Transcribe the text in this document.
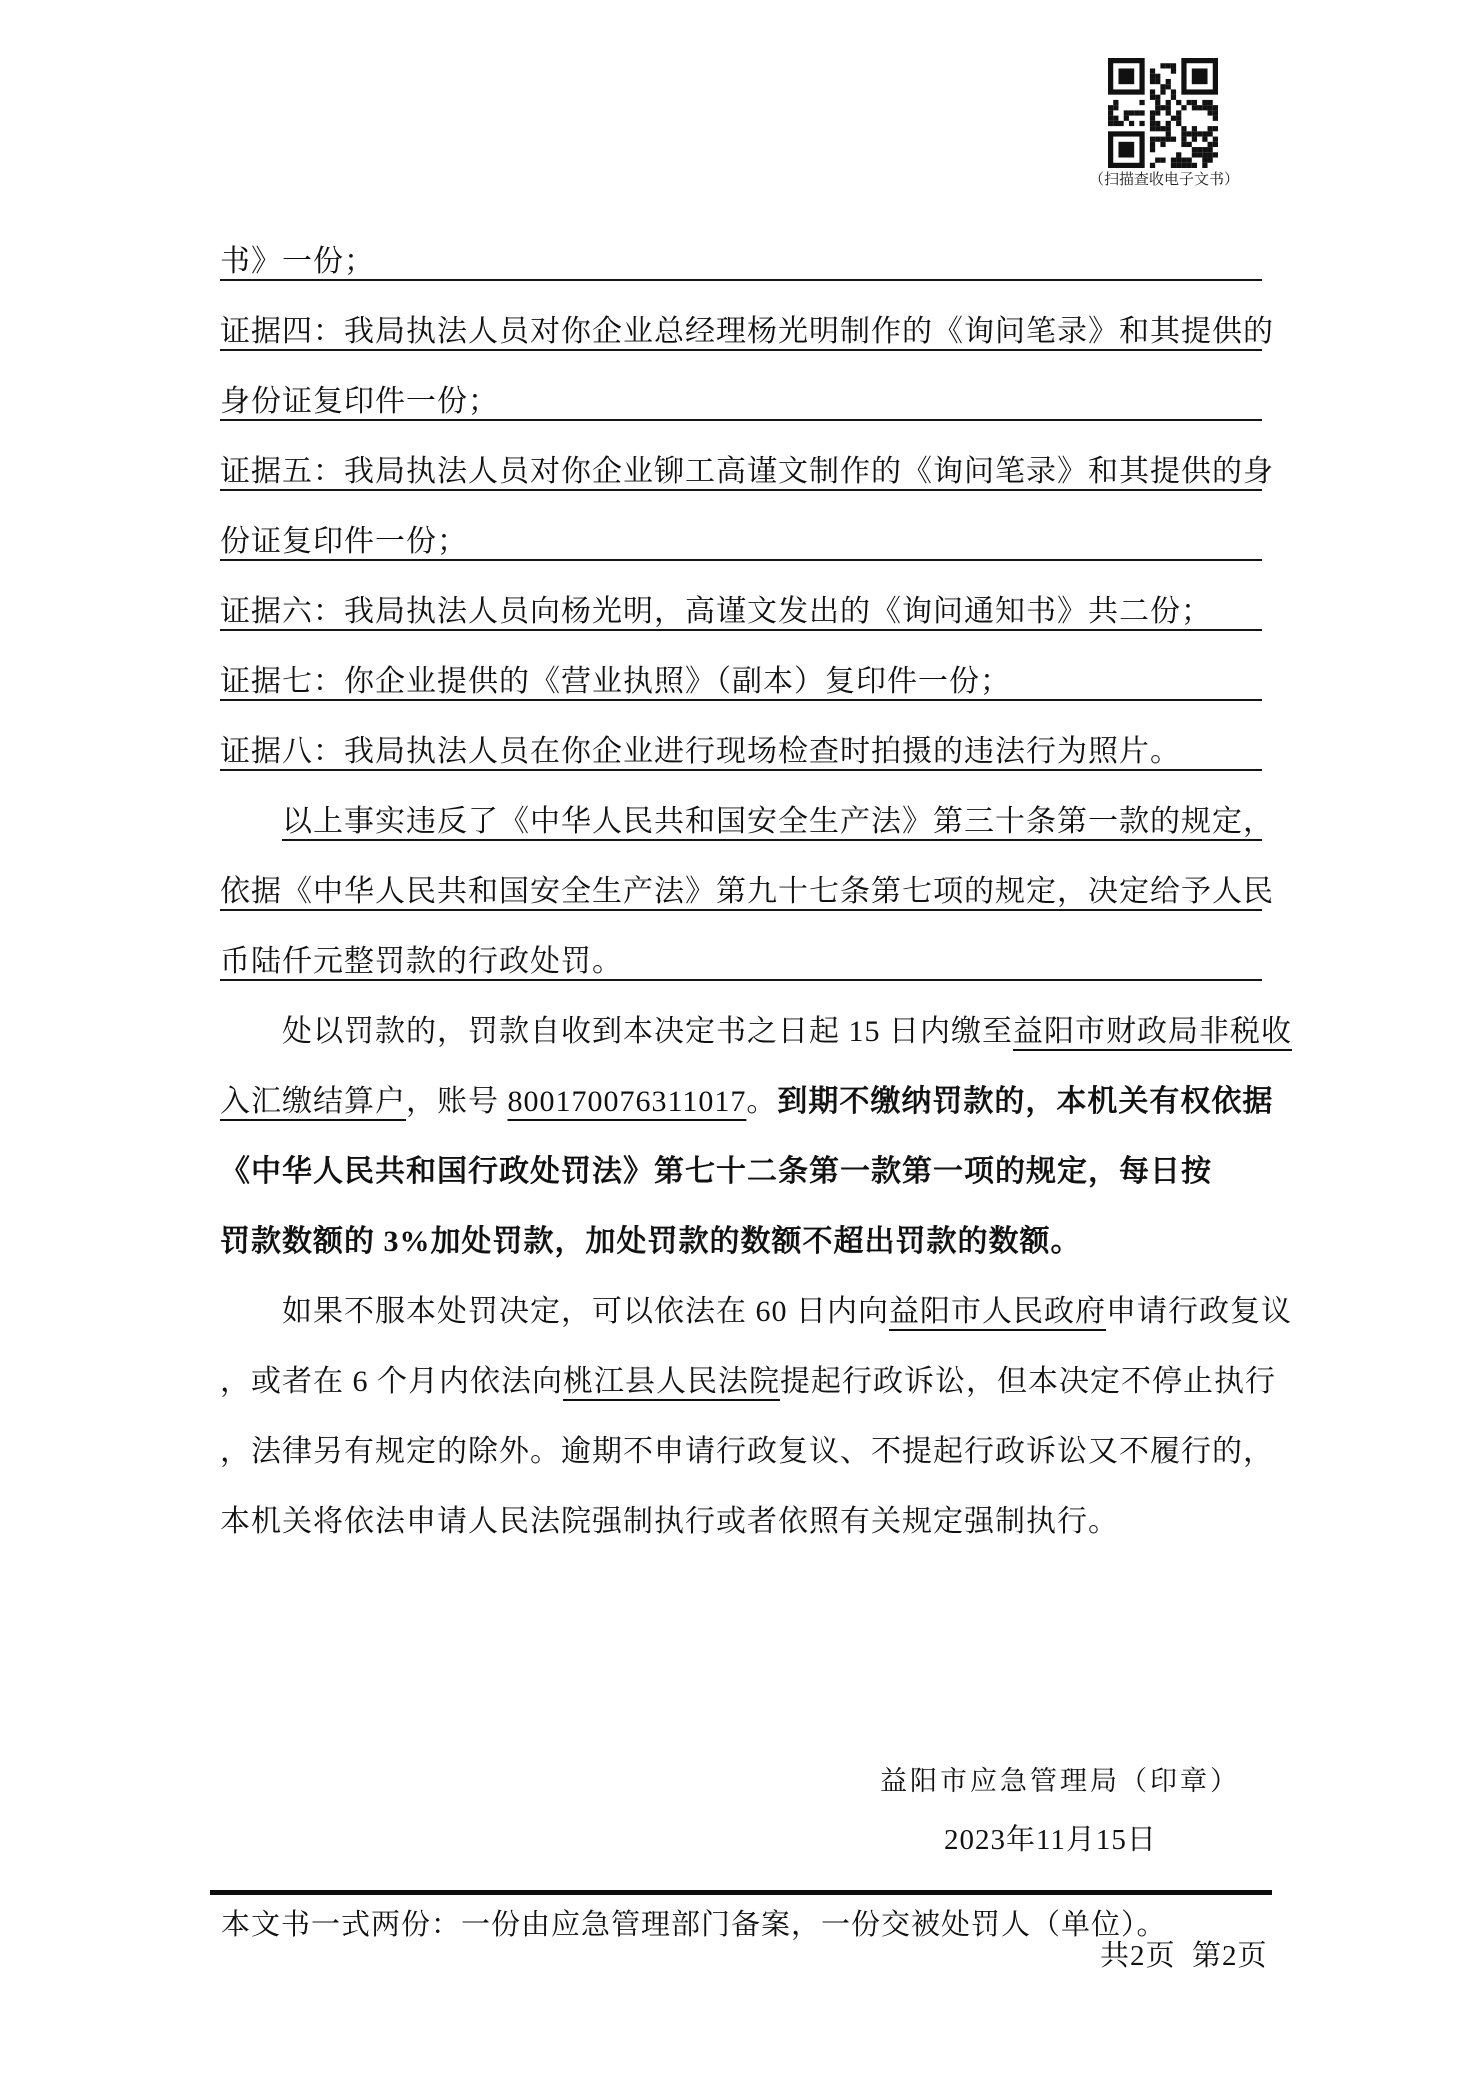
（扫描查收电子文书）
书》一份；
证据四：我局执法人员对你企业总经理杨光明制作的《询问笔录》和其提供的
身份证复印件一份；
证据五：我局执法人员对你企业铆工高谨文制作的《询问笔录》和其提供的身
份证复印件一份；
证据六：我局执法人员向杨光明，高谨文发出的《询问通知书》共二份；
证据七：你企业提供的《营业执照》（副本）复印件一份；
证据八：我局执法人员在你企业进行现场检查时拍摄的违法行为照片。
以上事实违反了《中华人民共和国安全生产法》第三十条第一款的规定，
依据《中华人民共和国安全生产法》第九十七条第七项的规定，决定给予人民
币陆仟元整罚款的行政处罚。
处以罚款的，罚款自收到本决定书之日起 15 日内缴至益阳市财政局非税收
入汇缴结算户，账号 800170076311017。到期不缴纳罚款的，本机关有权依据
《中华人民共和国行政处罚法》第七十二条第一款第一项的规定，每日按
罚款数额的 3%加处罚款，加处罚款的数额不超出罚款的数额。
如果不服本处罚决定，可以依法在 60 日内向益阳市人民政府申请行政复议
，或者在 6 个月内依法向桃江县人民法院提起行政诉讼，但本决定不停止执行
，法律另有规定的除外。逾期不申请行政复议、不提起行政诉讼又不履行的，
本机关将依法申请人民法院强制执行或者依照有关规定强制执行。
益阳市应急管理局（印章）
2023年11月15日
本文书一式两份：一份由应急管理部门备案，一份交被处罚人（单位）。
共2页  第2页
